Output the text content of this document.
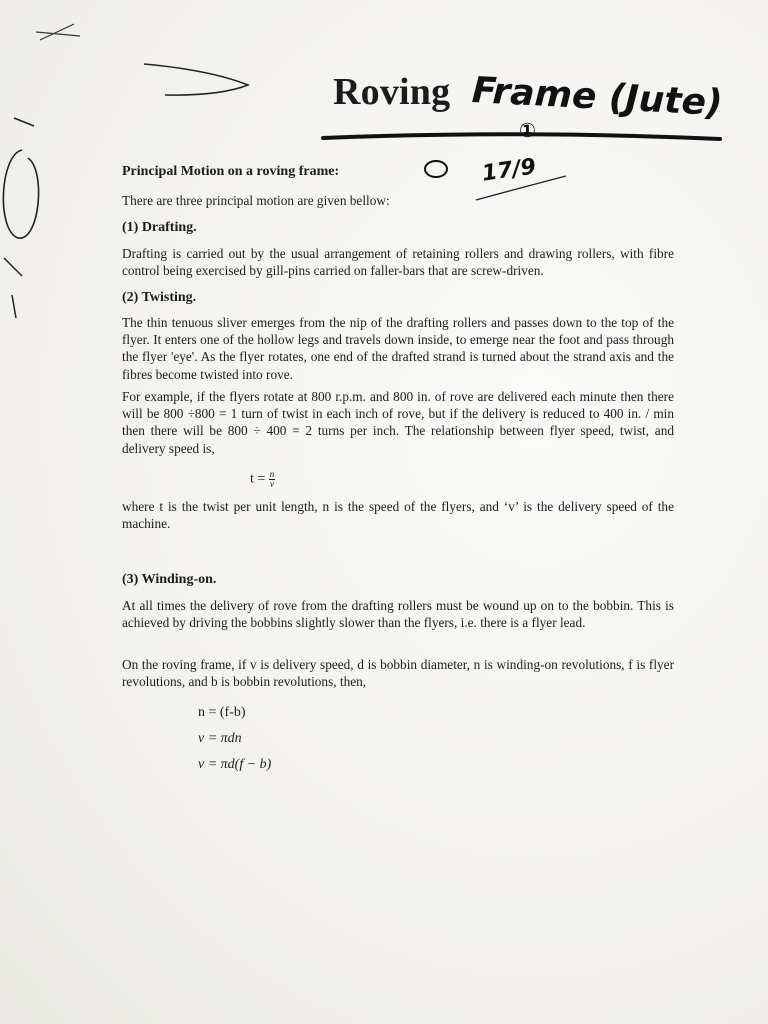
Roving Frame (Jute)

①

17/9

Principal Motion on a roving frame:

There are three principal motion are given bellow:

(1) Drafting.

Drafting is carried out by the usual arrangement of retaining rollers and drawing rollers, with fibre control being exercised by gill-pins carried on faller-bars that are screw-driven.

(2) Twisting.

The thin tenuous sliver emerges from the nip of the drafting rollers and passes down to the top of the flyer. It enters one of the hollow legs and travels down inside, to emerge near the foot and pass through the flyer 'eye'. As the flyer rotates, one end of the drafted strand is turned about the strand axis and the fibres become twisted into rove.

For example, if the flyers rotate at 800 r.p.m. and 800 in. of rove are delivered each minute then there will be 800 ÷800 = 1 turn of twist in each inch of rove, but if the delivery is reduced to 400 in. / min then there will be 800 ÷ 400 = 2 turns per inch. The relationship between flyer speed, twist, and delivery speed is,

$t = \frac{n}{v}$

where t is the twist per unit length, n is the speed of the flyers, and ‘v’ is the delivery speed of the machine.

(3) Winding-on.

At all times the delivery of rove from the drafting rollers must be wound up on to the bobbin. This is achieved by driving the bobbins slightly slower than the flyers, i.e. there is a flyer lead.

On the roving frame, if v is delivery speed, d is bobbin diameter, n is winding-on revolutions, f is flyer revolutions, and b is bobbin revolutions, then,

n = (f-b)

v = πdn

v = πd(f − b)
